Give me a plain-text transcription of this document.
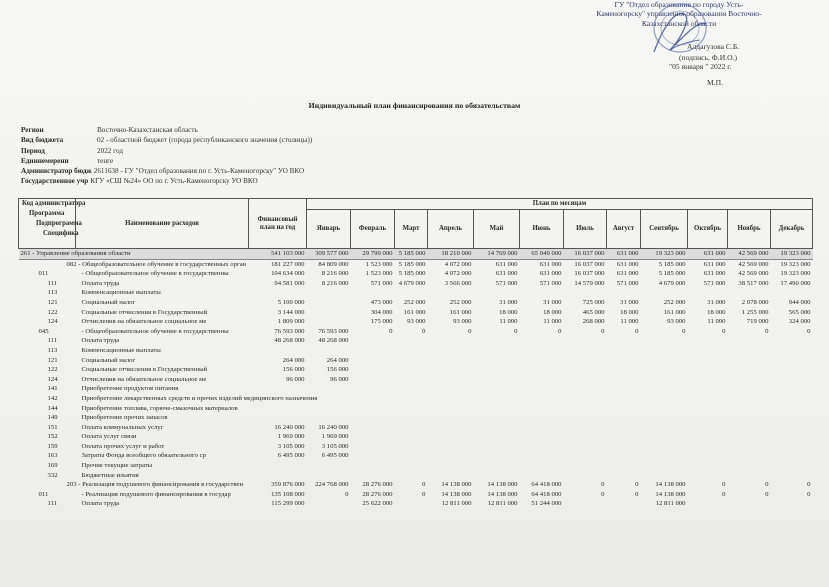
ГУ "Отдел образования по городу Усть-
Каменогорску" управления образования Восточно-
Казахстанской области
Алдагузова С.Б.
(подпись, Ф.И.О.)
"05 января " 2022 г.
М.П.
Индивидуальный план финансирования по обязательствам
Регион	Восточно-Казахстанская область
Вид бюджета	02 - областной бюджет (города республиканского значения (столицы))
Период	2022 год
Единнемерени	тенге
Администратор бюдж 2611638 - ГУ "Отдел образования по г. Усть-Каменогорску" УО ВКО
Государственное учр КГУ «СШ №24» ОО по г. Усть-Каменогорску УО ВКО
Код администратора
Программа
Подпрограмма
Специфика	Наименование расходов	Финансовый план на год	План по месяцам											
			Январь	Февраль	Март	Апрель	Май	Июнь	Июль	Август	Сентябрь	Октябрь	Ноябрь	Декабрь
261 - Управление образования области		541 103 000	309 577 000	29 799 000	5 185 000	18 210 000	14 769 000	65 049 000	16 037 000	631 000	19 323 000	631 000	42 569 000	19 323 000
082 - Общеобразовательное обучение в государственных орган		181 227 000	84 809 000	1 523 000	5 185 000	4 072 000	631 000	631 000	16 037 000	631 000	5 185 000	631 000	42 569 000	19 323 000
011	- Общеобразовательное обучение в государственны	104 634 000	8 216 000	1 523 000	5 185 000	4 072 000	631 000	631 000	16 037 000	631 000	5 185 000	631 000	42 569 000	19 323 000
111	Оплата труда	94 581 000	8 216 000	571 000	4 679 000	3 566 000	571 000	571 000	14 579 000	571 000	4 679 000	571 000	38 517 000	17 490 000
113	Компенсационные выплаты													
121	Социальный налог	5 100 000		473 000	252 000	252 000	31 000	31 000	725 000	31 000	252 000	31 000	2 078 000	944 000
122	Социальные отчисления в Государственный	3 144 000		304 000	161 000	161 000	18 000	18 000	465 000	18 000	161 000	18 000	1 255 000	565 000
124	Отчисления на обязательное социальное ме	1 809 000		175 000	93 000	93 000	11 000	11 000	268 000	11 000	93 000	11 000	719 000	324 000
045	- Общеобразовательное обучение в государственны	76 593 000	76 593 000	0	0	0	0	0	0	0	0	0	0	0
111	Оплата труда	48 268 000	48 268 000											
113	Компенсационные выплаты													
121	Социальный налог	264 000	264 000											
122	Социальные отчисления в Государственный	156 000	156 000											
124	Отчисления на обязательное социальное ме	96 000	96 000											
141	Приобретение продуктов питания													
142	Приобретение лекарственных средств и прочих изделий медицинского назначения													
144	Приобретение топлива, горюче-смазочных материалов													
149	Приобретение прочих запасов													
151	Оплата коммунальных услуг	16 240 000	16 240 000											
152	Оплата услуг связи	1 969 000	1 969 000											
159	Оплата прочих услуг и работ	3 105 000	3 105 000											
163	Затраты Фонда всеобщего обязательного ср	6 495 000	6 495 000											
169	Прочие текущие затраты													
332	Бюджетные изъятия													
203 - Реализация подушевого финансирования в государствен		359 876 000	224 768 000	28 276 000	0	14 138 000	14 138 000	64 418 000	0	0	14 138 000	0	0	0
011	- Реализация подушевого финансирования в государ	135 108 000	0	28 276 000	0	14 138 000	14 138 000	64 418 000	0	0	14 138 000	0	0	0
111	Оплата труда	115 299 000		25 622 000		12 811 000	12 811 000	51 244 000			12 811 000			
